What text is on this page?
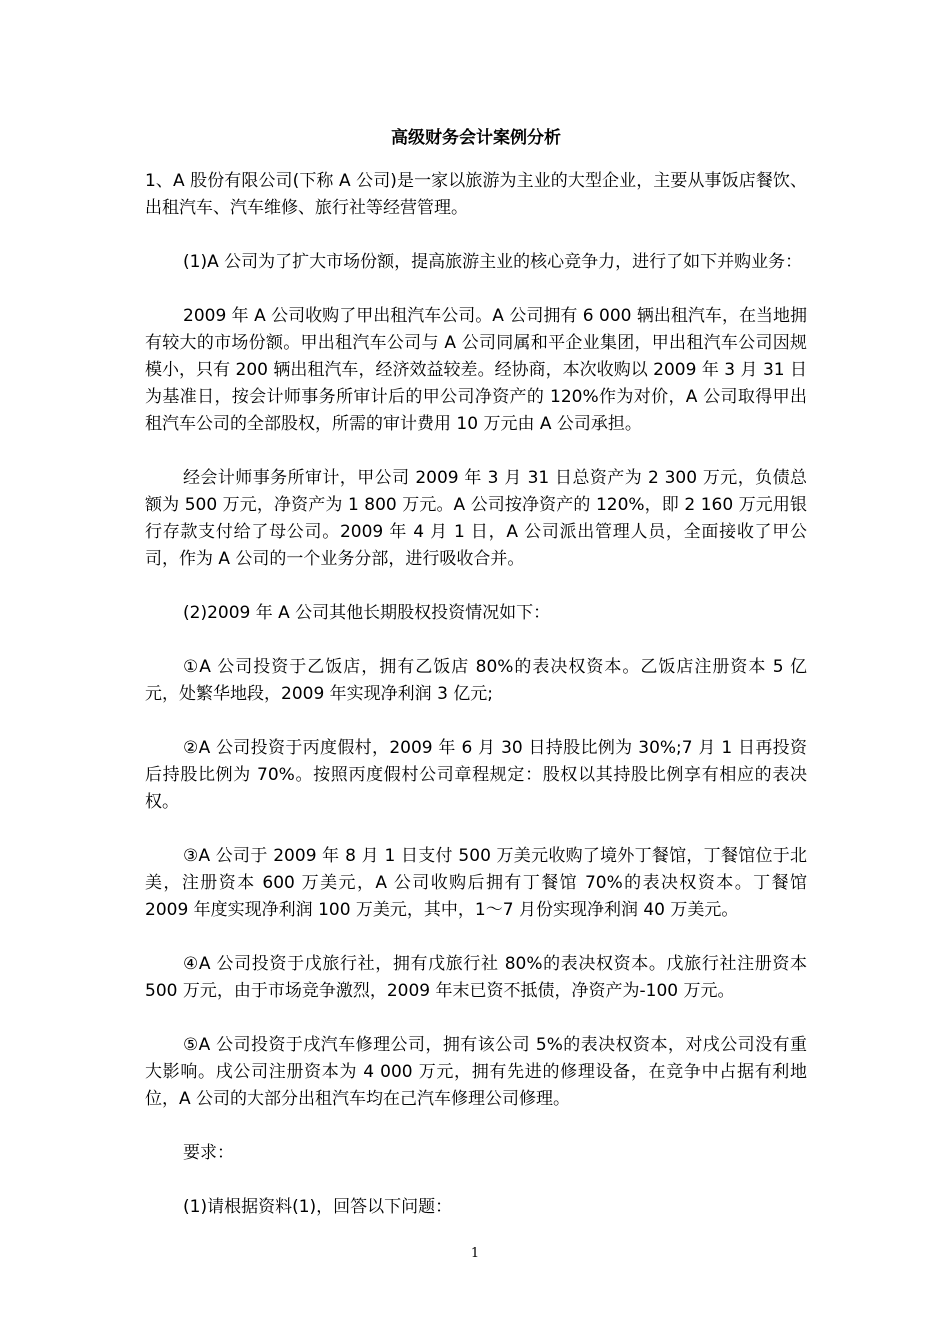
高级财务会计案例分析

1、A 股份有限公司(下称 A 公司)是一家以旅游为主业的大型企业，主要从事饭店餐饮、出租汽车、汽车维修、旅行社等经营管理。

(1)A 公司为了扩大市场份额，提高旅游主业的核心竞争力，进行了如下并购业务：

2009 年 A 公司收购了甲出租汽车公司。A 公司拥有 6 000 辆出租汽车，在当地拥有较大的市场份额。甲出租汽车公司与 A 公司同属和平企业集团，甲出租汽车公司因规模小，只有 200 辆出租汽车，经济效益较差。经协商，本次收购以 2009 年 3 月 31 日为基准日，按会计师事务所审计后的甲公司净资产的 120%作为对价，A 公司取得甲出租汽车公司的全部股权，所需的审计费用 10 万元由 A 公司承担。

经会计师事务所审计，甲公司 2009 年 3 月 31 日总资产为 2 300 万元，负债总额为 500 万元，净资产为 1 800 万元。A 公司按净资产的 120%，即 2 160 万元用银行存款支付给了母公司。2009 年 4 月 1 日，A 公司派出管理人员，全面接收了甲公司，作为 A 公司的一个业务分部，进行吸收合并。

(2)2009 年 A 公司其他长期股权投资情况如下：

①A 公司投资于乙饭店，拥有乙饭店 80%的表决权资本。乙饭店注册资本 5 亿元，处繁华地段，2009 年实现净利润 3 亿元;

②A 公司投资于丙度假村，2009 年 6 月 30 日持股比例为 30%;7 月 1 日再投资后持股比例为 70%。按照丙度假村公司章程规定：股权以其持股比例享有相应的表决权。

③A 公司于 2009 年 8 月 1 日支付 500 万美元收购了境外丁餐馆，丁餐馆位于北美，注册资本 600 万美元，A 公司收购后拥有丁餐馆 70%的表决权资本。丁餐馆 2009 年度实现净利润 100 万美元，其中，1～7 月份实现净利润 40 万美元。

④A 公司投资于戊旅行社，拥有戊旅行社 80%的表决权资本。戊旅行社注册资本 500 万元，由于市场竞争激烈，2009 年末已资不抵债，净资产为-100 万元。

⑤A 公司投资于戌汽车修理公司，拥有该公司 5%的表决权资本，对戌公司没有重大影响。戌公司注册资本为 4 000 万元，拥有先进的修理设备，在竞争中占据有利地位，A 公司的大部分出租汽车均在己汽车修理公司修理。

要求：

(1)请根据资料(1)，回答以下问题：

1
